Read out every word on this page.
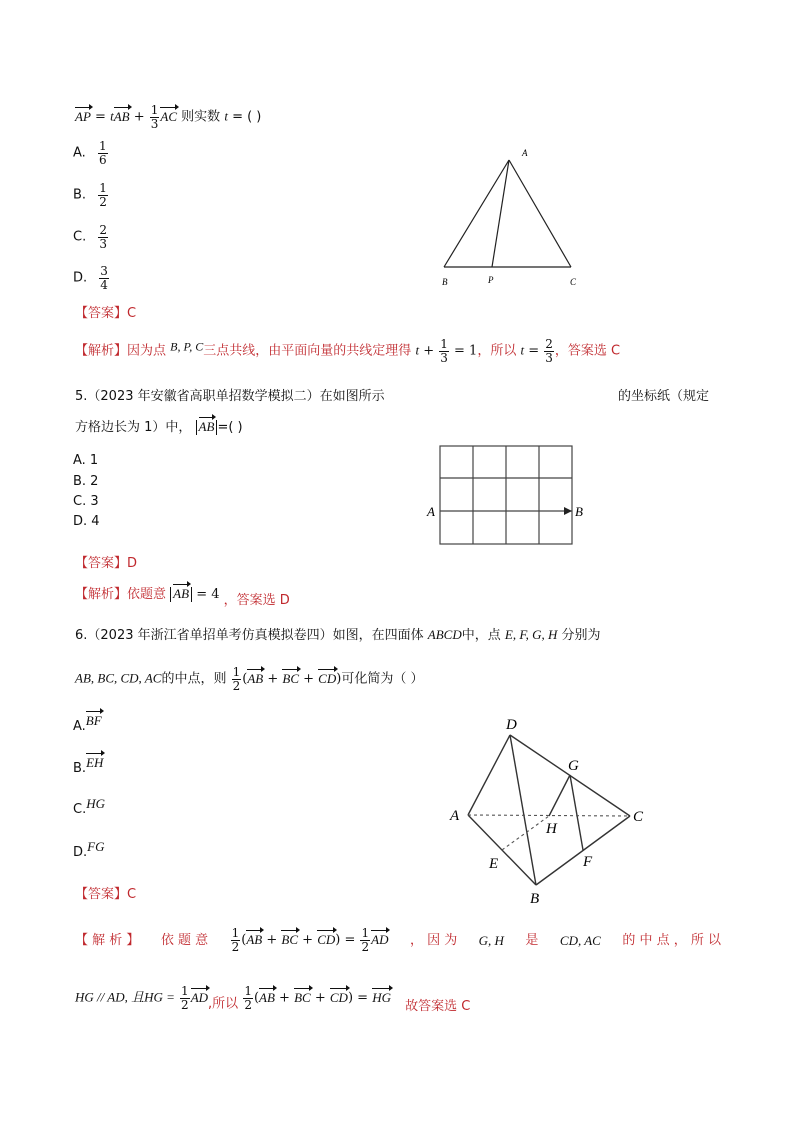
AP = tAB + $\frac{1}{3}$ AC 则实数 t = ( )
A. $\frac{1}{6}$
B. $\frac{1}{2}$
C. $\frac{2}{3}$
D. $\frac{3}{4}$
A
B	P	C
【答案】C
【解析】因为点 B, P, C三点共线，由平面向量的共线定理得 $t + \frac{1}{3} = 1$，所以 $t = \frac{2}{3}$ ，答案选 C
5.（2023 年安徽省高职单招数学模拟二）在如图所示	的坐标纸（规定
方格边长为 1）中， AB =( )
A. 1
B. 2
C. 3
D. 4
A	B
【答案】D
【解析】依题意 AB = 4 ，答案选 D
6.（2023 年浙江省单招单考仿真模拟卷四）如图，在四面体 ABCD中，点 E, F, G, H 分别为
AB, BC, CD, AC的中点，则 $\frac{1}{2} (AB$ + BC + CD)可化简为（ ）
A.BF
B.EH
C.HG
D.FG
D
A	C
B
G
H
E	F
【答案】C
【 解 析 】 依 题 意 $\frac{1}{2} (AB$ + BC + $CD) = \frac{1}{2}$ AD ， 因 为 G, H 是 CD, AC 的 中 点 ， 所 以
HG // AD, 且HG = $\frac{1}{2}$ AD,所以 $\frac{1}{2} (AB$ + BC + CD) = HG 故答案选 C
